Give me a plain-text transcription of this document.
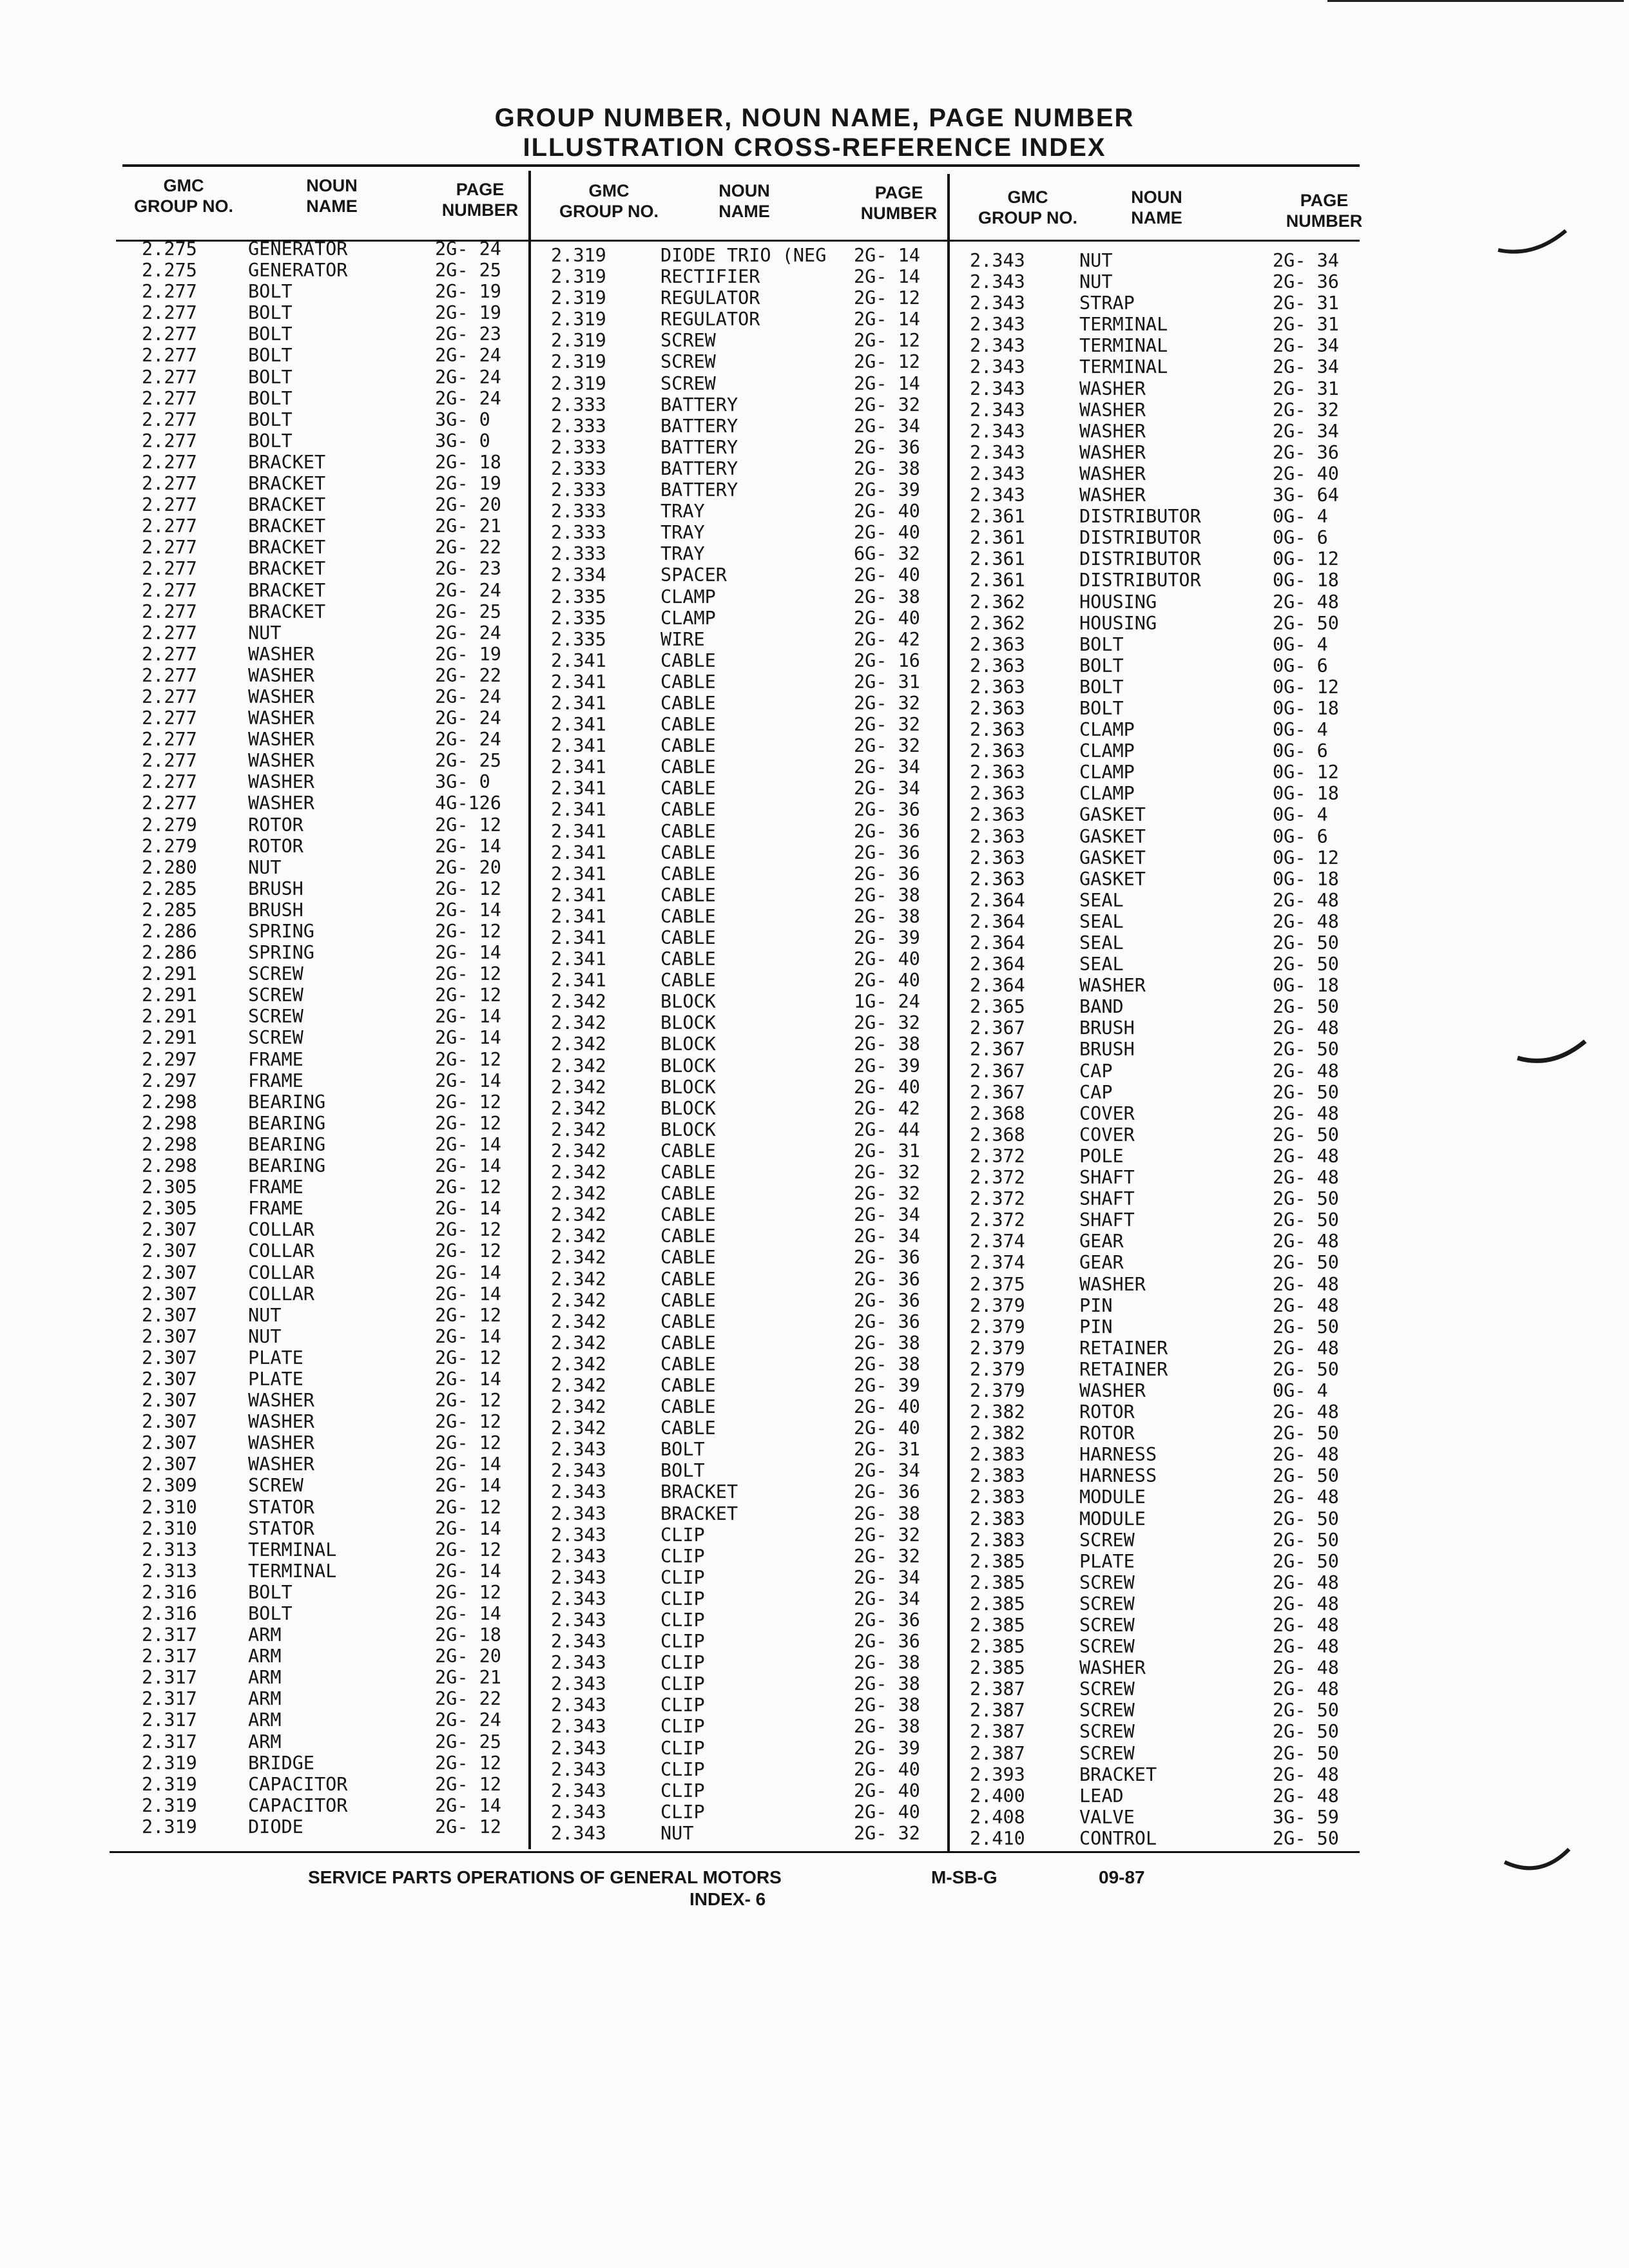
GROUP NUMBER, NOUN NAME, PAGE NUMBER
ILLUSTRATION CROSS-REFERENCE INDEX
GMC
GROUP NO.
NOUN
NAME
PAGE
NUMBER
GMC
GROUP NO.
NOUN
NAME
PAGE
NUMBER
GMC
GROUP NO.
NOUN
NAME
PAGE
NUMBER
2.275	GENERATOR	2G- 24
2.275	GENERATOR	2G- 25
2.277	BOLT	2G- 19
2.277	BOLT	2G- 19
2.277	BOLT	2G- 23
2.277	BOLT	2G- 24
2.277	BOLT	2G- 24
2.277	BOLT	2G- 24
2.277	BOLT	3G- 0
2.277	BOLT	3G- 0
2.277	BRACKET	2G- 18
2.277	BRACKET	2G- 19
2.277	BRACKET	2G- 20
2.277	BRACKET	2G- 21
2.277	BRACKET	2G- 22
2.277	BRACKET	2G- 23
2.277	BRACKET	2G- 24
2.277	BRACKET	2G- 25
2.277	NUT	2G- 24
2.277	WASHER	2G- 19
2.277	WASHER	2G- 22
2.277	WASHER	2G- 24
2.277	WASHER	2G- 24
2.277	WASHER	2G- 24
2.277	WASHER	2G- 25
2.277	WASHER	3G- 0
2.277	WASHER	4G-126
2.279	ROTOR	2G- 12
2.279	ROTOR	2G- 14
2.280	NUT	2G- 20
2.285	BRUSH	2G- 12
2.285	BRUSH	2G- 14
2.286	SPRING	2G- 12
2.286	SPRING	2G- 14
2.291	SCREW	2G- 12
2.291	SCREW	2G- 12
2.291	SCREW	2G- 14
2.291	SCREW	2G- 14
2.297	FRAME	2G- 12
2.297	FRAME	2G- 14
2.298	BEARING	2G- 12
2.298	BEARING	2G- 12
2.298	BEARING	2G- 14
2.298	BEARING	2G- 14
2.305	FRAME	2G- 12
2.305	FRAME	2G- 14
2.307	COLLAR	2G- 12
2.307	COLLAR	2G- 12
2.307	COLLAR	2G- 14
2.307	COLLAR	2G- 14
2.307	NUT	2G- 12
2.307	NUT	2G- 14
2.307	PLATE	2G- 12
2.307	PLATE	2G- 14
2.307	WASHER	2G- 12
2.307	WASHER	2G- 12
2.307	WASHER	2G- 12
2.307	WASHER	2G- 14
2.309	SCREW	2G- 14
2.310	STATOR	2G- 12
2.310	STATOR	2G- 14
2.313	TERMINAL	2G- 12
2.313	TERMINAL	2G- 14
2.316	BOLT	2G- 12
2.316	BOLT	2G- 14
2.317	ARM	2G- 18
2.317	ARM	2G- 20
2.317	ARM	2G- 21
2.317	ARM	2G- 22
2.317	ARM	2G- 24
2.317	ARM	2G- 25
2.319	BRIDGE	2G- 12
2.319	CAPACITOR	2G- 12
2.319	CAPACITOR	2G- 14
2.319	DIODE	2G- 12
2.319	DIODE TRIO (NEG 2G- 14
2.319	RECTIFIER	2G- 14
2.319	REGULATOR	2G- 12
2.319	REGULATOR	2G- 14
2.319	SCREW	2G- 12
2.319	SCREW	2G- 12
2.319	SCREW	2G- 14
2.333	BATTERY	2G- 32
2.333	BATTERY	2G- 34
2.333	BATTERY	2G- 36
2.333	BATTERY	2G- 38
2.333	BATTERY	2G- 39
2.333	TRAY	2G- 40
2.333	TRAY	2G- 40
2.333	TRAY	6G- 32
2.334	SPACER	2G- 40
2.335	CLAMP	2G- 38
2.335	CLAMP	2G- 40
2.335	WIRE	2G- 42
2.341	CABLE	2G- 16
2.341	CABLE	2G- 31
2.341	CABLE	2G- 32
2.341	CABLE	2G- 32
2.341	CABLE	2G- 32
2.341	CABLE	2G- 34
2.341	CABLE	2G- 34
2.341	CABLE	2G- 36
2.341	CABLE	2G- 36
2.341	CABLE	2G- 36
2.341	CABLE	2G- 36
2.341	CABLE	2G- 38
2.341	CABLE	2G- 38
2.341	CABLE	2G- 39
2.341	CABLE	2G- 40
2.341	CABLE	2G- 40
2.342	BLOCK	1G- 24
2.342	BLOCK	2G- 32
2.342	BLOCK	2G- 38
2.342	BLOCK	2G- 39
2.342	BLOCK	2G- 40
2.342	BLOCK	2G- 42
2.342	BLOCK	2G- 44
2.342	CABLE	2G- 31
2.342	CABLE	2G- 32
2.342	CABLE	2G- 32
2.342	CABLE	2G- 34
2.342	CABLE	2G- 34
2.342	CABLE	2G- 36
2.342	CABLE	2G- 36
2.342	CABLE	2G- 36
2.342	CABLE	2G- 36
2.342	CABLE	2G- 38
2.342	CABLE	2G- 38
2.342	CABLE	2G- 39
2.342	CABLE	2G- 40
2.342	CABLE	2G- 40
2.343	BOLT	2G- 31
2.343	BOLT	2G- 34
2.343	BRACKET	2G- 36
2.343	BRACKET	2G- 38
2.343	CLIP	2G- 32
2.343	CLIP	2G- 32
2.343	CLIP	2G- 34
2.343	CLIP	2G- 34
2.343	CLIP	2G- 36
2.343	CLIP	2G- 36
2.343	CLIP	2G- 38
2.343	CLIP	2G- 38
2.343	CLIP	2G- 38
2.343	CLIP	2G- 38
2.343	CLIP	2G- 39
2.343	CLIP	2G- 40
2.343	CLIP	2G- 40
2.343	CLIP	2G- 40
2.343	NUT	2G- 32
2.343	NUT	2G- 34
2.343	NUT	2G- 36
2.343	STRAP	2G- 31
2.343	TERMINAL	2G- 31
2.343	TERMINAL	2G- 34
2.343	TERMINAL	2G- 34
2.343	WASHER	2G- 31
2.343	WASHER	2G- 32
2.343	WASHER	2G- 34
2.343	WASHER	2G- 36
2.343	WASHER	2G- 40
2.343	WASHER	3G- 64
2.361	DISTRIBUTOR	0G- 4
2.361	DISTRIBUTOR	0G- 6
2.361	DISTRIBUTOR	0G- 12
2.361	DISTRIBUTOR	0G- 18
2.362	HOUSING	2G- 48
2.362	HOUSING	2G- 50
2.363	BOLT	0G- 4
2.363	BOLT	0G- 6
2.363	BOLT	0G- 12
2.363	BOLT	0G- 18
2.363	CLAMP	0G- 4
2.363	CLAMP	0G- 6
2.363	CLAMP	0G- 12
2.363	CLAMP	0G- 18
2.363	GASKET	0G- 4
2.363	GASKET	0G- 6
2.363	GASKET	0G- 12
2.363	GASKET	0G- 18
2.364	SEAL	2G- 48
2.364	SEAL	2G- 48
2.364	SEAL	2G- 50
2.364	SEAL	2G- 50
2.364	WASHER	0G- 18
2.365	BAND	2G- 50
2.367	BRUSH	2G- 48
2.367	BRUSH	2G- 50
2.367	CAP	2G- 48
2.367	CAP	2G- 50
2.368	COVER	2G- 48
2.368	COVER	2G- 50
2.372	POLE	2G- 48
2.372	SHAFT	2G- 48
2.372	SHAFT	2G- 50
2.372	SHAFT	2G- 50
2.374	GEAR	2G- 48
2.374	GEAR	2G- 50
2.375	WASHER	2G- 48
2.379	PIN	2G- 48
2.379	PIN	2G- 50
2.379	RETAINER	2G- 48
2.379	RETAINER	2G- 50
2.379	WASHER	0G- 4
2.382	ROTOR	2G- 48
2.382	ROTOR	2G- 50
2.383	HARNESS	2G- 48
2.383	HARNESS	2G- 50
2.383	MODULE	2G- 48
2.383	MODULE	2G- 50
2.383	SCREW	2G- 50
2.385	PLATE	2G- 50
2.385	SCREW	2G- 48
2.385	SCREW	2G- 48
2.385	SCREW	2G- 48
2.385	SCREW	2G- 48
2.385	WASHER	2G- 48
2.387	SCREW	2G- 48
2.387	SCREW	2G- 50
2.387	SCREW	2G- 50
2.387	SCREW	2G- 50
2.393	BRACKET	2G- 48
2.400	LEAD	2G- 48
2.408	VALVE	3G- 59
2.410	CONTROL	2G- 50
SERVICE PARTS OPERATIONS OF GENERAL MOTORS	M-SB-G	09-87
INDEX- 6
